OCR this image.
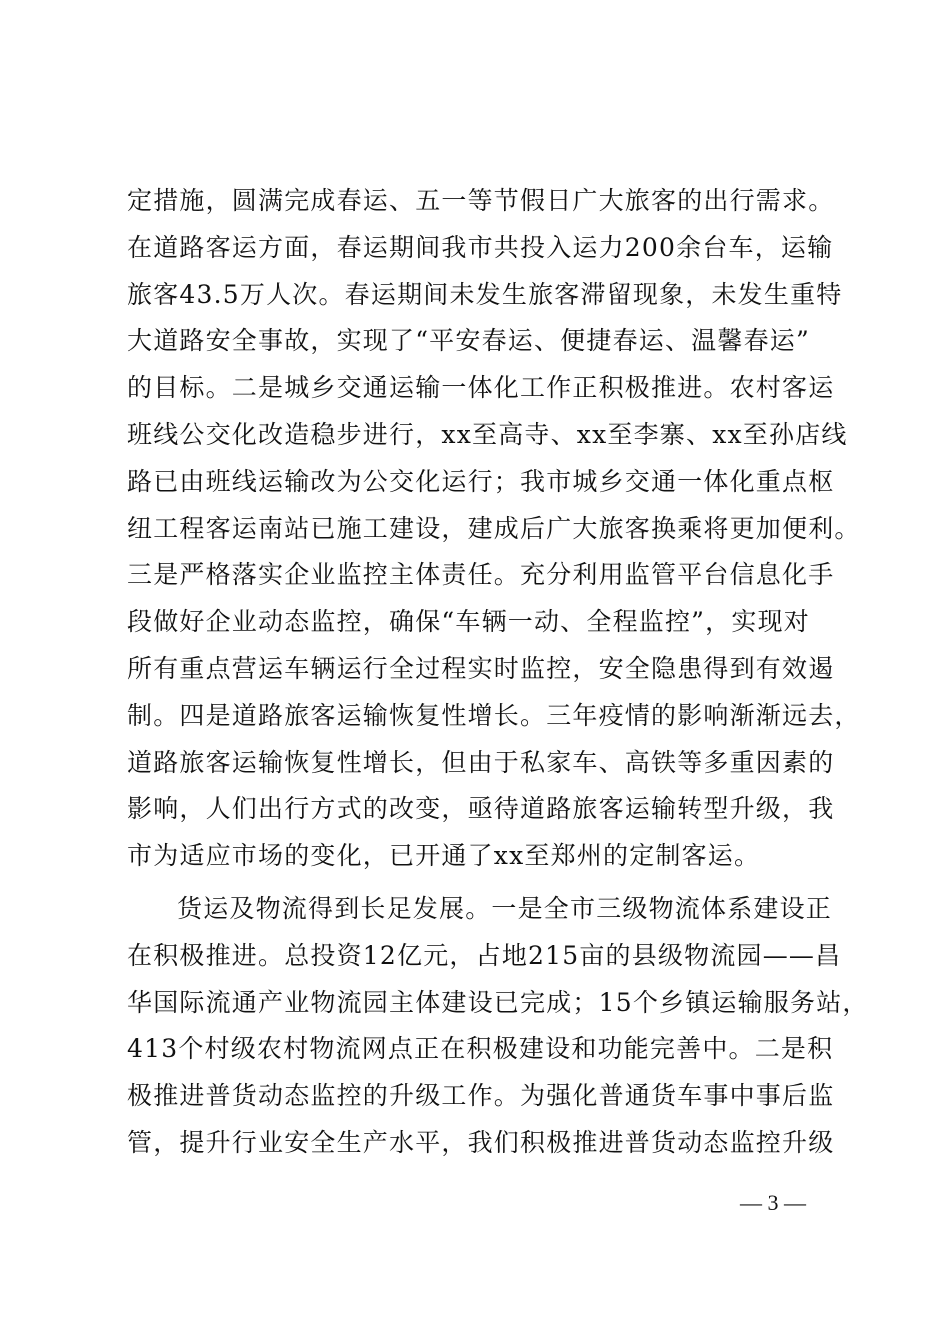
定措施，圆满完成春运、五一等节假日广大旅客的出行需求。
在道路客运方面，春运期间我市共投入运力200余台车，运输
旅客43.5万人次。春运期间未发生旅客滞留现象，未发生重特
大道路安全事故，实现了“平安春运、便捷春运、温馨春运”
的目标。二是城乡交通运输一体化工作正积极推进。农村客运
班线公交化改造稳步进行，xx至高寺、xx至李寨、xx至孙店线
路已由班线运输改为公交化运行；我市城乡交通一体化重点枢
纽工程客运南站已施工建设，建成后广大旅客换乘将更加便利。
三是严格落实企业监控主体责任。充分利用监管平台信息化手
段做好企业动态监控，确保“车辆一动、全程监控”，实现对
所有重点营运车辆运行全过程实时监控，安全隐患得到有效遏
制。四是道路旅客运输恢复性增长。三年疫情的影响渐渐远去，
道路旅客运输恢复性增长，但由于私家车、高铁等多重因素的
影响，人们出行方式的改变，亟待道路旅客运输转型升级，我
市为适应市场的变化，已开通了xx至郑州的定制客运。
货运及物流得到长足发展。一是全市三级物流体系建设正
在积极推进。总投资12亿元，占地215亩的县级物流园——昌
华国际流通产业物流园主体建设已完成；15个乡镇运输服务站，
413个村级农村物流网点正在积极建设和功能完善中。二是积
极推进普货动态监控的升级工作。为强化普通货车事中事后监
管，提升行业安全生产水平，我们积极推进普货动态监控升级
— 3 —
